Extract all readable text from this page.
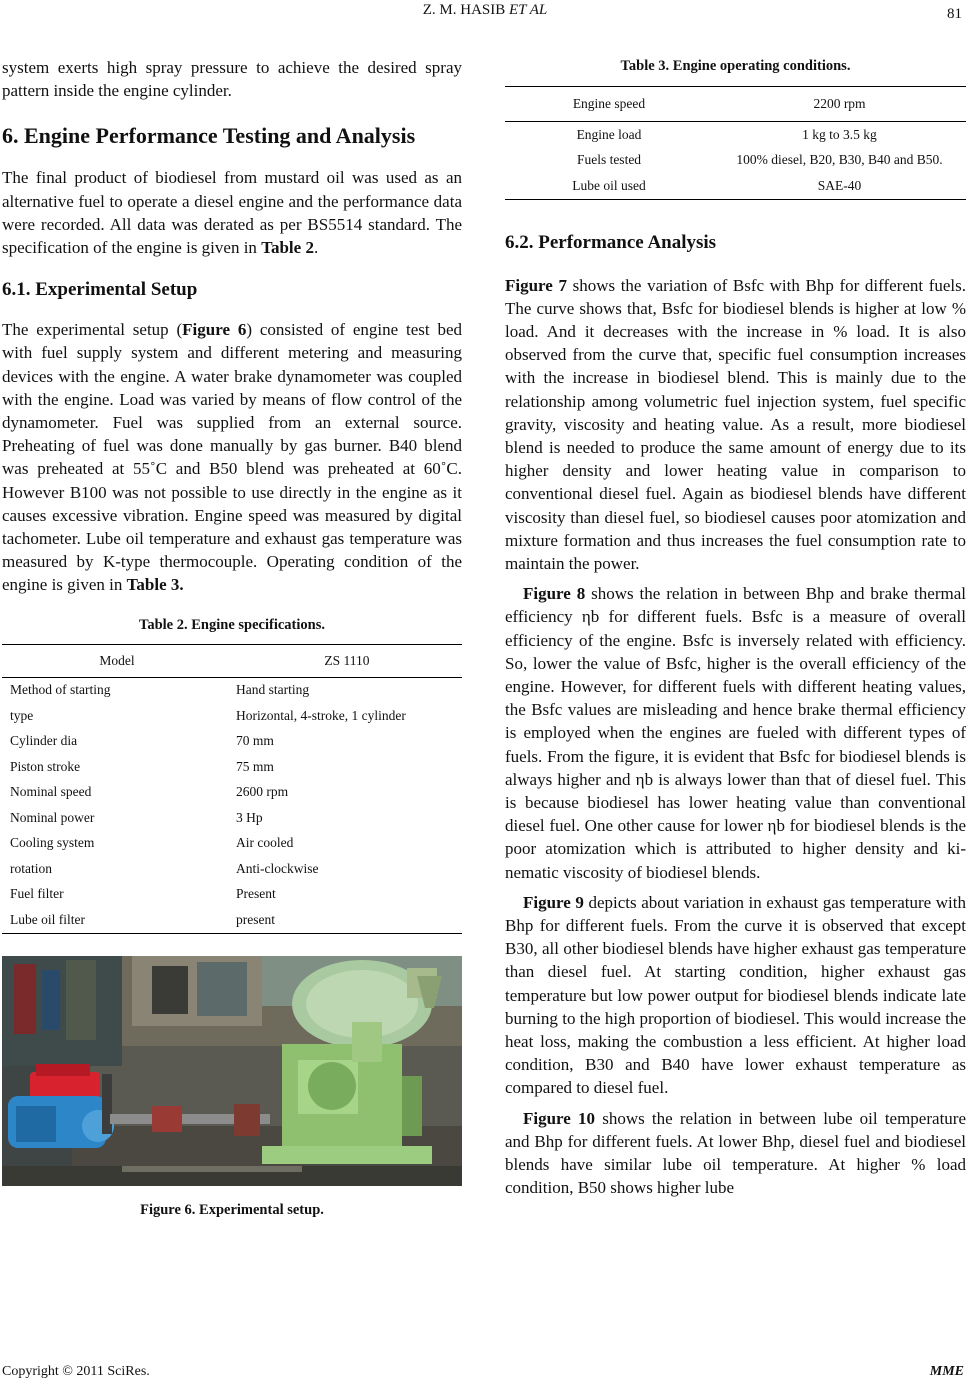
Z. M. HASIB ET AL	81

system exerts high spray pressure to achieve the desired spray pattern inside the engine cylinder.

6. Engine Performance Testing and Analysis

The final product of biodiesel from mustard oil was used as an alternative fuel to operate a diesel engine and the performance data were recorded. All data was derated as per BS5514 standard. The specification of the engine is given in Table 2.

6.1. Experimental Setup

The experimental setup (Figure 6) consisted of engine test bed with fuel supply system and different metering and measuring devices with the engine. A water brake dynamometer was coupled with the engine. Load was varied by means of flow control of the dynamometer. Fuel was supplied from an external source. Preheating of fuel was done manually by gas burner. B40 blend was preheated at 55˚C and B50 blend was preheated at 60˚C. However B100 was not possible to use directly in the engine as it causes excessive vibration. Engine speed was measured by digital tachometer. Lube oil temperature and exhaust gas temperature was measured by K-type thermocouple. Operating condition of the engine is given in Table 3.

Table 2. Engine specifications.
Model	ZS 1110
Method of starting	Hand starting
type	Horizontal, 4-stroke, 1 cylinder
Cylinder dia	70 mm
Piston stroke	75 mm
Nominal speed	2600 rpm
Nominal power	3 Hp
Cooling system	Air cooled
rotation	Anti-clockwise
Fuel filter	Present
Lube oil filter	present
Figure 6. Experimental setup.
Table 3. Engine operating conditions.
Engine speed	2200 rpm
Engine load	1 kg to 3.5 kg
Fuels tested	100% diesel, B20, B30, B40 and B50.
Lube oil used	SAE-40
6.2. Performance Analysis

Figure 7 shows the variation of Bsfc with Bhp for different fuels. The curve shows that, Bsfc for biodiesel blends is higher at low % load. And it decreases with the increase in % load. It is also observed from the curve that, specific fuel consumption increases with the increase in biodiesel blend. This is mainly due to the relationship among volumetric fuel injection system, fuel specific gravity, viscosity and heating value. As a result, more biodiesel blend is needed to produce the same amount of energy due to its higher density and lower heating value in comparison to conventional diesel fuel. Again as biodiesel blends have different viscosity than diesel fuel, so biodiesel causes poor atomization and mixture formation and thus increases the fuel consumption rate to maintain the power.

Figure 8 shows the relation in between Bhp and brake thermal efficiency ηb for different fuels. Bsfc is a measure of overall efficiency of the engine. Bsfc is inversely related with efficiency. So, lower the value of Bsfc, higher is the overall efficiency of the engine. However, for different fuels with different heating values, the Bsfc values are misleading and hence brake thermal efficiency is employed when the engines are fueled with different types of fuels. From the figure, it is evident that Bsfc for biodiesel blends is always higher and ηb is always lower than that of diesel fuel. This is because biodiesel has lower heating value than conventional diesel fuel. One other cause for lower ηb for biodiesel blends is the poor atomization which is attributed to higher density and kinematic viscosity of biodiesel blends.

Figure 9 depicts about variation in exhaust gas temperature with Bhp for different fuels. From the curve it is observed that except B30, all other biodiesel blends have higher exhaust gas temperature than diesel fuel. At starting condition, higher exhaust gas temperature but low power output for biodiesel blends indicate late burning to the high proportion of biodiesel. This would increase the heat loss, making the combustion a less efficient. At higher load condition, B30 and B40 have lower exhaust temperature as compared to diesel fuel.

Figure 10 shows the relation in between lube oil temperature and Bhp for different fuels. At lower Bhp, diesel fuel and biodiesel blends have similar lube oil temperature. At higher % load condition, B50 shows higher lube

Copyright © 2011 SciRes.	MME
